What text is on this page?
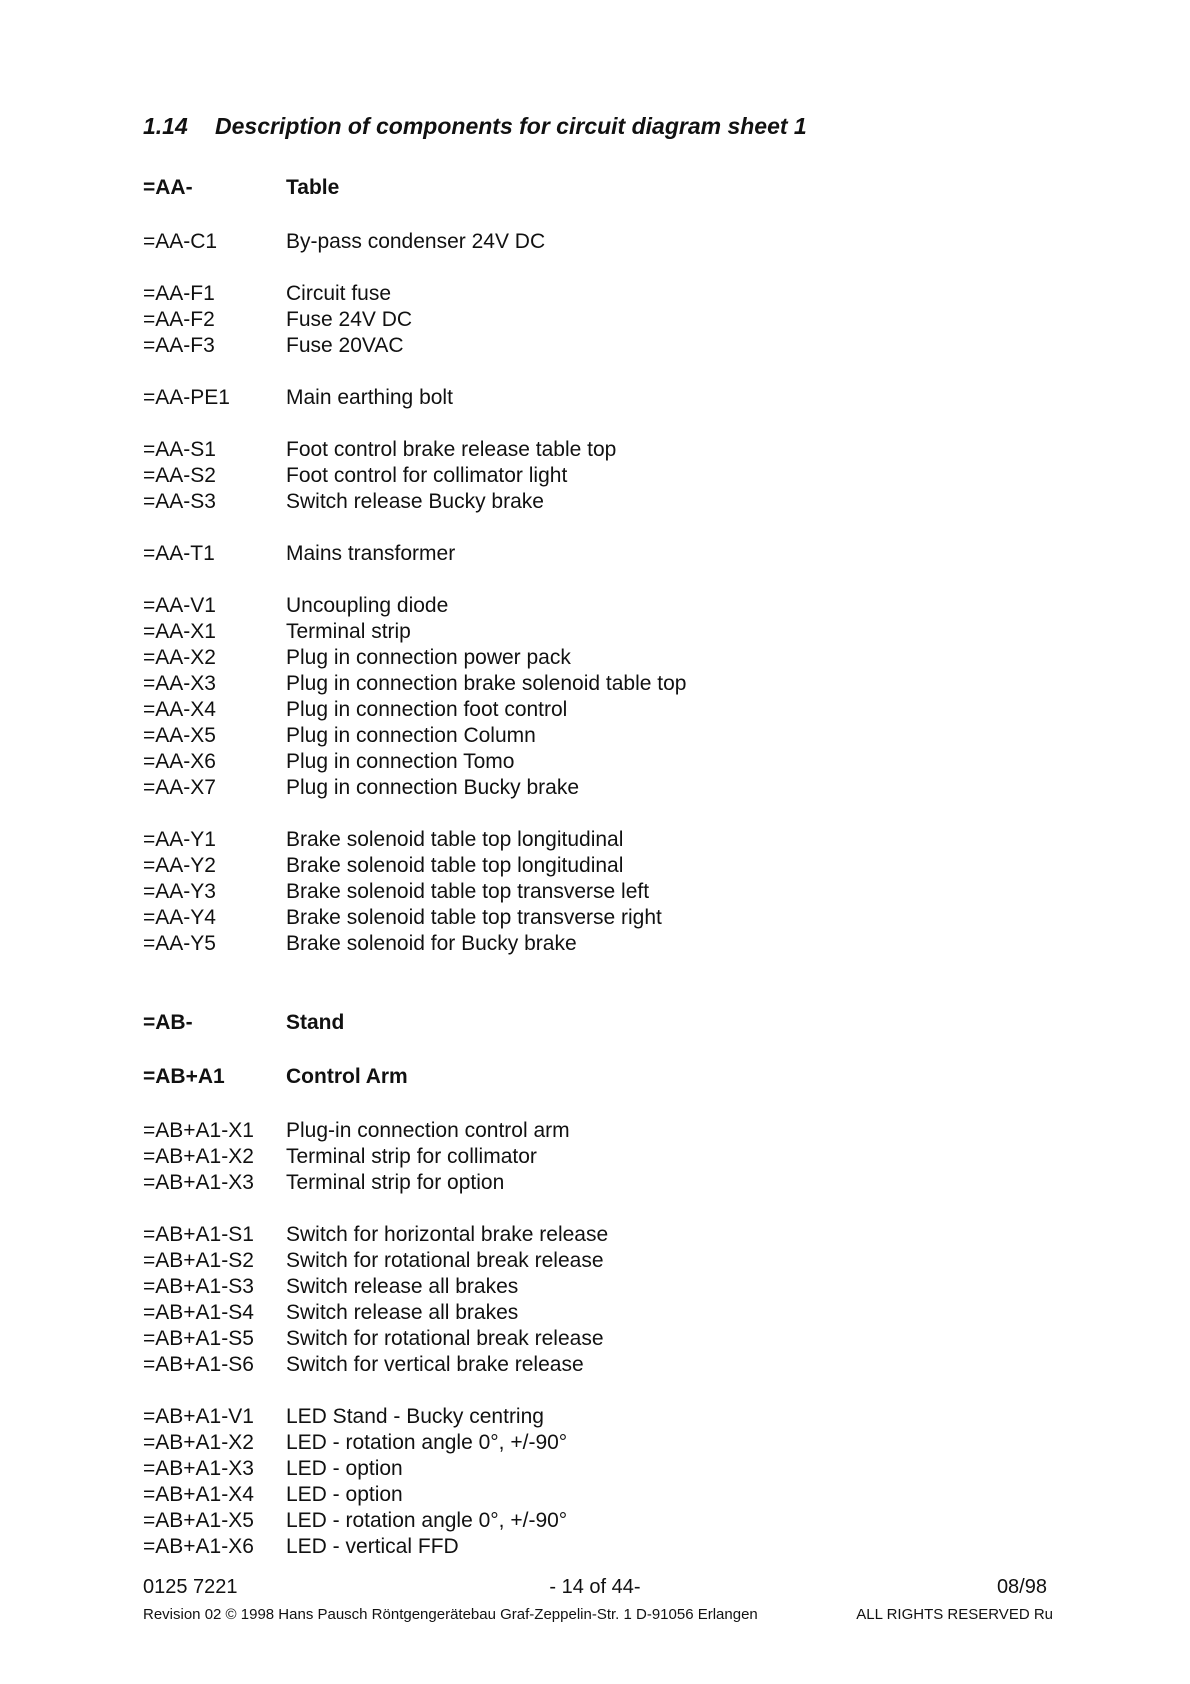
1.14 Description of components for circuit diagram sheet 1
=AA-	Table
=AA-C1	By-pass condenser 24V DC
=AA-F1	Circuit fuse
=AA-F2	Fuse 24V DC
=AA-F3	Fuse 20VAC
=AA-PE1	Main earthing bolt
=AA-S1	Foot control brake release table top
=AA-S2	Foot control for collimator light
=AA-S3	Switch release Bucky brake
=AA-T1	Mains transformer
=AA-V1	Uncoupling diode
=AA-X1	Terminal strip
=AA-X2	Plug in connection power pack
=AA-X3	Plug in connection brake solenoid table top
=AA-X4	Plug in connection foot control
=AA-X5	Plug in connection Column
=AA-X6	Plug in connection Tomo
=AA-X7	Plug in connection Bucky brake
=AA-Y1	Brake solenoid table top longitudinal
=AA-Y2	Brake solenoid table top longitudinal
=AA-Y3	Brake solenoid table top transverse left
=AA-Y4	Brake solenoid table top transverse right
=AA-Y5	Brake solenoid for Bucky brake
=AB-	Stand
=AB+A1	Control Arm
=AB+A1-X1	Plug-in connection control arm
=AB+A1-X2	Terminal strip for collimator
=AB+A1-X3	Terminal strip for option
=AB+A1-S1	Switch for horizontal brake release
=AB+A1-S2	Switch for rotational break release
=AB+A1-S3	Switch release all brakes
=AB+A1-S4	Switch release all brakes
=AB+A1-S5	Switch for rotational break release
=AB+A1-S6	Switch for vertical brake release
=AB+A1-V1	LED Stand - Bucky centring
=AB+A1-X2	LED - rotation angle 0°, +/-90°
=AB+A1-X3	LED - option
=AB+A1-X4	LED - option
=AB+A1-X5	LED - rotation angle 0°, +/-90°
=AB+A1-X6	LED - vertical FFD
0125 7221	- 14 of 44-	08/98
Revision 02 © 1998 Hans Pausch Röntgengerätebau Graf-Zeppelin-Str. 1 D-91056 Erlangen	ALL RIGHTS RESERVED Ru
